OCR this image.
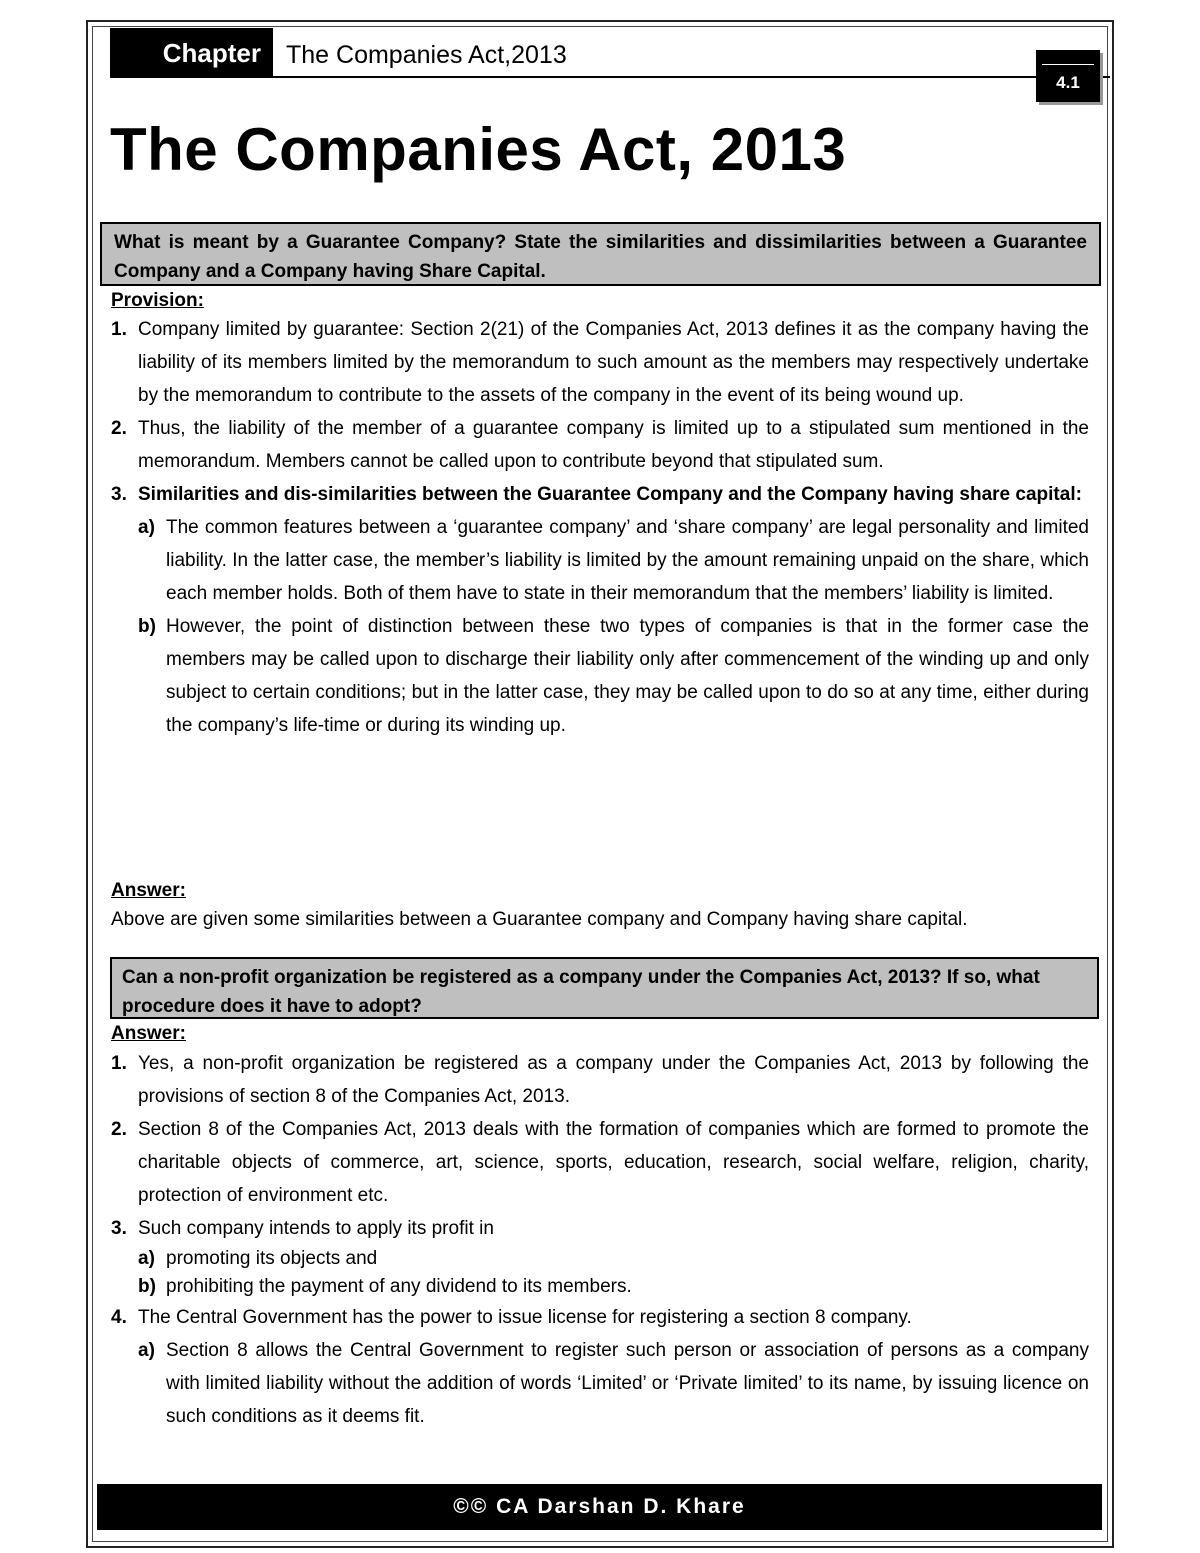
Chapter	The Companies Act,2013
4.1
The Companies Act, 2013
What is meant by a Guarantee Company? State the similarities and dissimilarities between a Guarantee Company and a Company having Share Capital.
Provision:
1. Company limited by guarantee: Section 2(21) of the Companies Act, 2013 defines it as the company having the liability of its members limited by the memorandum to such amount as the members may respectively undertake by the memorandum to contribute to the assets of the company in the event of its being wound up.
2. Thus, the liability of the member of a guarantee company is limited up to a stipulated sum mentioned in the memorandum. Members cannot be called upon to contribute beyond that stipulated sum.
3. Similarities and dis-similarities between the Guarantee Company and the Company having share capital:
a) The common features between a ‘guarantee company’ and ‘share company’ are legal personality and limited liability. In the latter case, the member’s liability is limited by the amount remaining unpaid on the share, which each member holds. Both of them have to state in their memorandum that the members’ liability is limited.
b) However, the point of distinction between these two types of companies is that in the former case the members may be called upon to discharge their liability only after commencement of the winding up and only subject to certain conditions; but in the latter case, they may be called upon to do so at any time, either during the company’s life-time or during its winding up.
Answer:
Above are given some similarities between a Guarantee company and Company having share capital.
Can a non-profit organization be registered as a company under the Companies Act, 2013? If so, what procedure does it have to adopt?
Answer:
1. Yes, a non-profit organization be registered as a company under the Companies Act, 2013 by following the provisions of section 8 of the Companies Act, 2013.
2. Section 8 of the Companies Act, 2013 deals with the formation of companies which are formed to promote the charitable objects of commerce, art, science, sports, education, research, social welfare, religion, charity, protection of environment etc.
3. Such company intends to apply its profit in
a) promoting its objects and
b) prohibiting the payment of any dividend to its members.
4. The Central Government has the power to issue license for registering a section 8 company.
a) Section 8 allows the Central Government to register such person or association of persons as a company with limited liability without the addition of words ‘Limited’ or ‘Private limited’ to its name, by issuing licence on such conditions as it deems fit.
©© CA Darshan D. Khare
